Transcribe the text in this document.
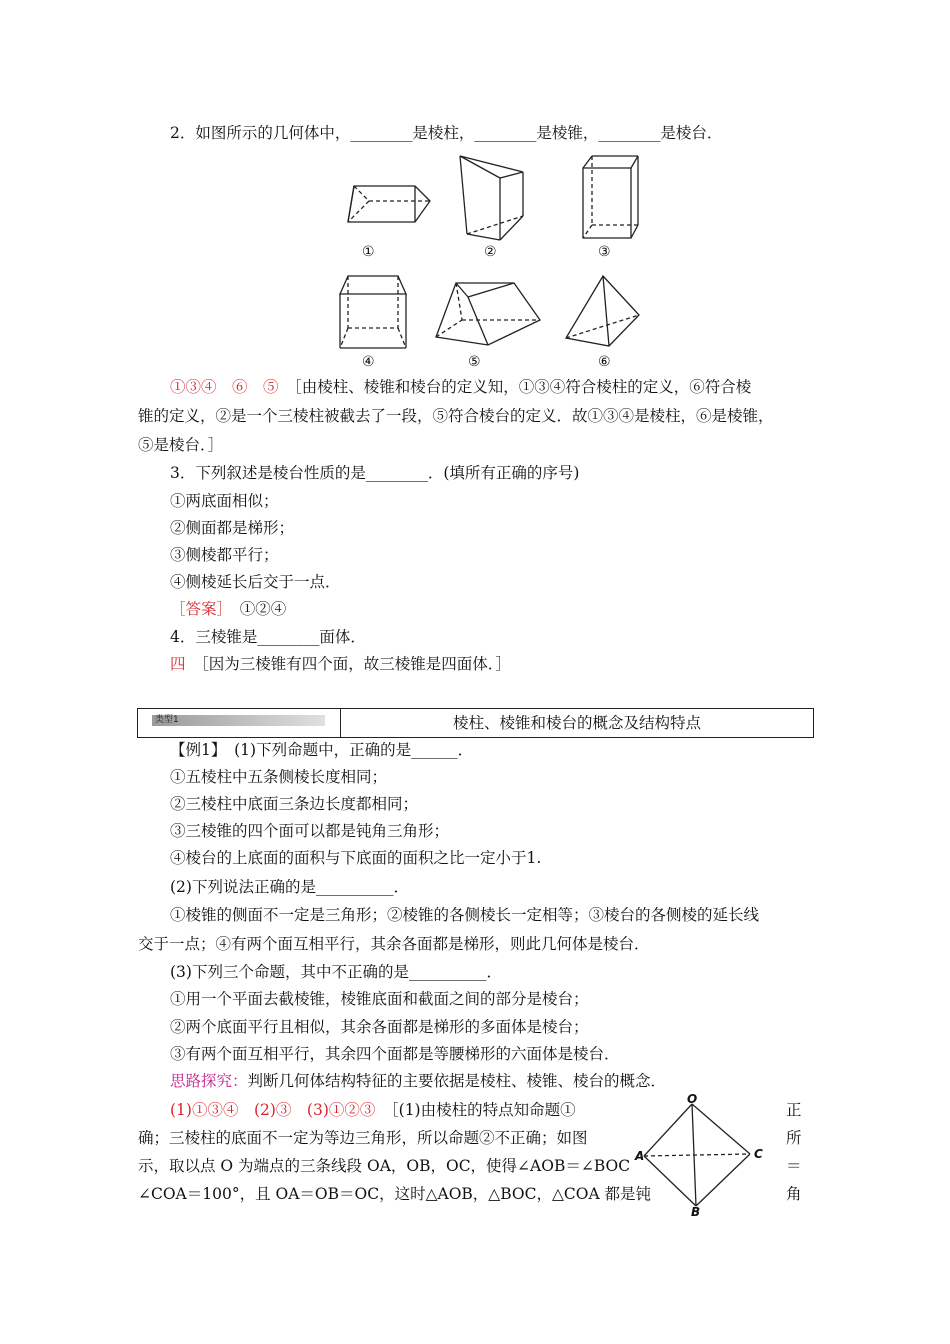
2．如图所示的几何体中，________是棱柱，________是棱锥，________是棱台．
①	②	③
④	⑤	⑥
①③④　⑥　⑤　 ［由棱柱、棱锥和棱台的定义知，①③④符合棱柱的定义，⑥符合棱
锥的定义，②是一个三棱柱被截去了一段，⑤符合棱台的定义．故①③④是棱柱，⑥是棱锥，
⑤是棱台．］
3．下列叙述是棱台性质的是________．(填所有正确的序号)
①两底面相似；
②侧面都是梯形；
③侧棱都平行；
④侧棱延长后交于一点．
［答案］　 ①②④
4．三棱锥是________面体．
四　 ［因为三棱锥有四个面，故三棱锥是四面体．］
类型1	棱柱、棱锥和棱台的概念及结构特点
【例1】　(1)下列命题中，正确的是______．
①五棱柱中五条侧棱长度相同；
②三棱柱中底面三条边长度都相同；
③三棱锥的四个面可以都是钝角三角形；
④棱台的上底面的面积与下底面的面积之比一定小于1.
(2)下列说法正确的是__________．
①棱锥的侧面不一定是三角形；②棱锥的各侧棱长一定相等；③棱台的各侧棱的延长线
交于一点；④有两个面互相平行，其余各面都是梯形，则此几何体是棱台．
(3)下列三个命题，其中不正确的是__________．
①用一个平面去截棱锥，棱锥底面和截面之间的部分是棱台；
②两个底面平行且相似，其余各面都是梯形的多面体是棱台；
③有两个面互相平行，其余四个面都是等腰梯形的六面体是棱台．
思路探究：判断几何体结构特征的主要依据是棱柱、棱锥、棱台的概念．
(1)①③④　(2)③　(3)①②③　 ［(1)由棱柱的特点知命题①
确；三棱柱的底面不一定为等边三角形，所以命题②不正确；如图
示，取以点 O 为端点的三条线段 OA，OB，OC，使得∠AOB＝∠BOC
∠COA＝100°，且 OA＝OB＝OC，这时△AOB，△BOC，△COA 都是钝
正
所
＝
角
O
A	C
B
